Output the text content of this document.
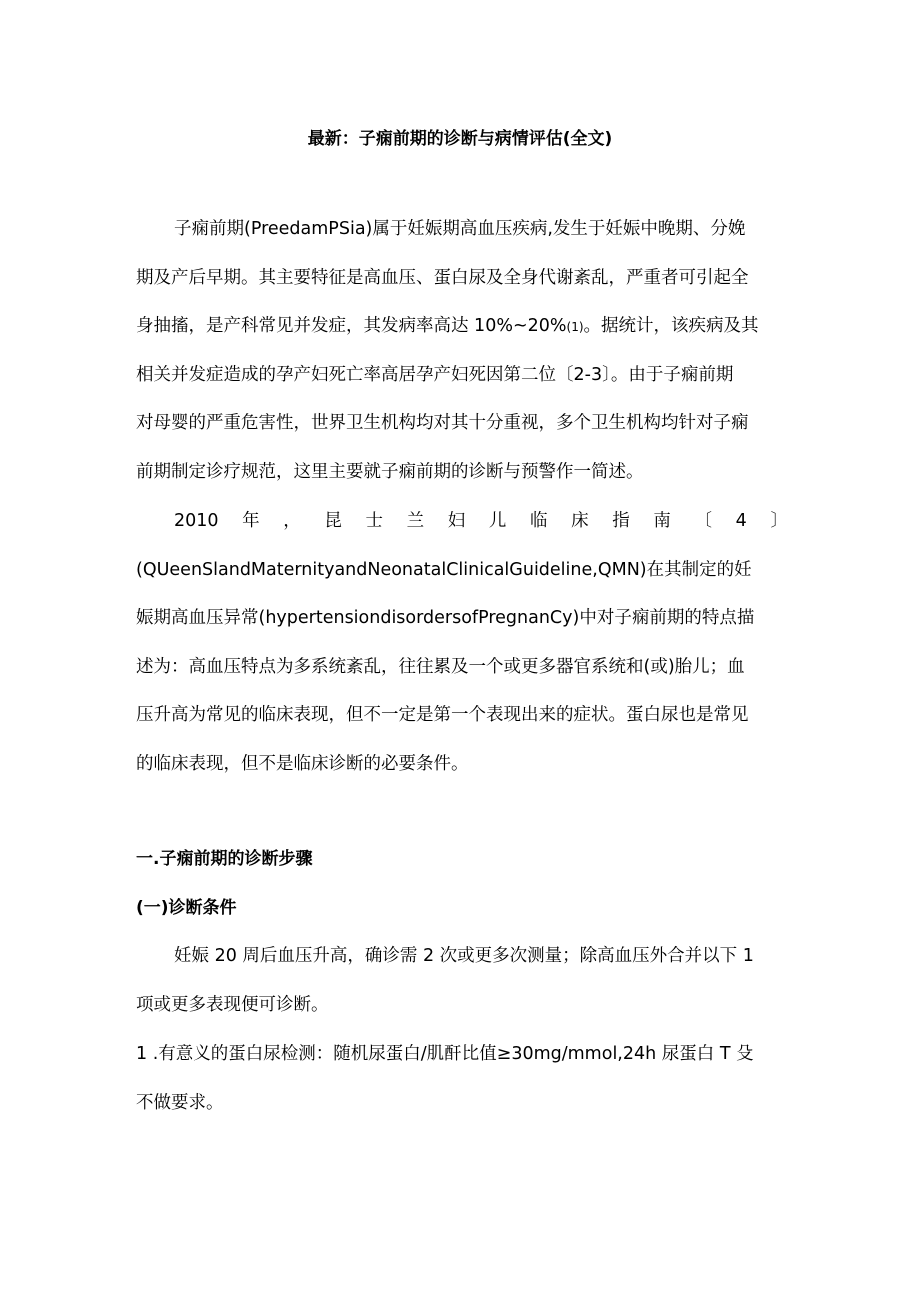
最新：子痫前期的诊断与病情评估(全文)
子痫前期(PreedamPSia)属于妊娠期高血压疾病,发生于妊娠中晚期、分娩
期及产后早期。其主要特征是高血压、蛋白尿及全身代谢紊乱，严重者可引起全
身抽搐，是产科常见并发症，其发病率高达 10%~20%(1)。据统计，该疾病及其
相关并发症造成的孕产妇死亡率高居孕产妇死因第二位〔2-3〕。由于子痫前期
对母婴的严重危害性，世界卫生机构均对其十分重视，多个卫生机构均针对子痫
前期制定诊疗规范，这里主要就子痫前期的诊断与预警作一简述。
2010 年 ， 昆 士 兰 妇 儿 临 床 指 南 〔 4 〕
(QUeenSlandMaternityandNeonatalClinicalGuideline,QMN)在其制定的妊
娠期高血压异常(hypertensiondisordersofPregnanCy)中对子痫前期的特点描
述为：高血压特点为多系统紊乱，往往累及一个或更多器官系统和(或)胎儿；血
压升高为常见的临床表现，但不一定是第一个表现出来的症状。蛋白尿也是常见
的临床表现，但不是临床诊断的必要条件。
一.子痫前期的诊断步骤
(一)诊断条件
妊娠 20 周后血压升高，确诊需 2 次或更多次测量；除高血压外合并以下 1
项或更多表现便可诊断。
1 .有意义的蛋白尿检测：随机尿蛋白/肌酐比值≥30mg/mmol,24h 尿蛋白 T 殳
不做要求。
